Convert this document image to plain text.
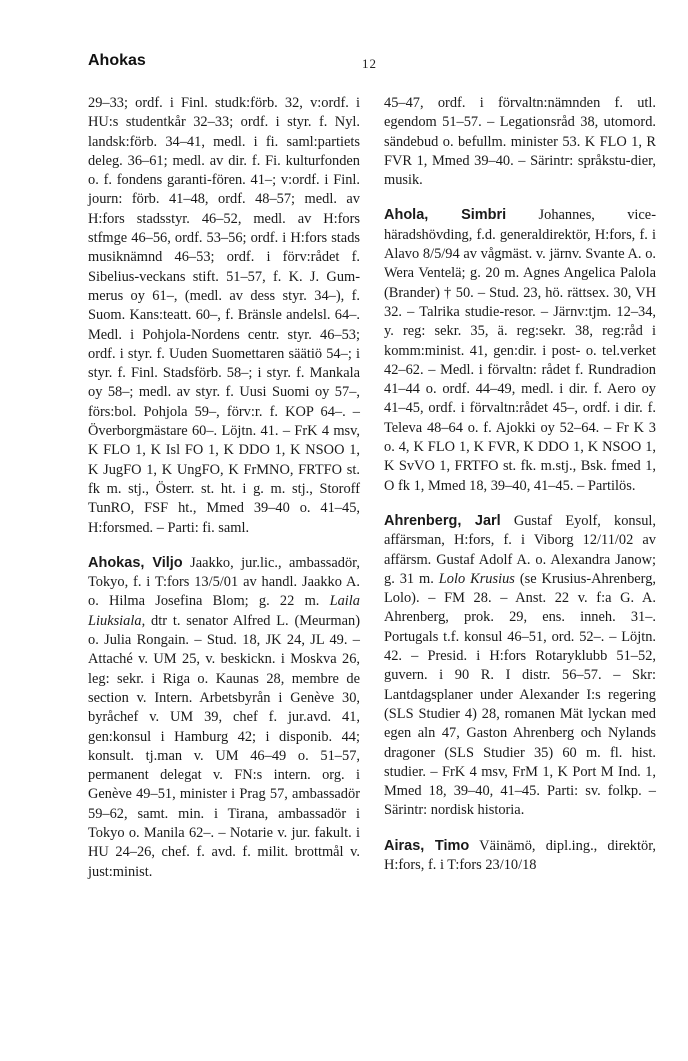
Ahokas	12

29–33; ordf. i Finl. studk:förb. 32, v:ordf. i HU:s studentkår 32–33; ordf. i styr. f. Nyl. landsk:förb. 34–41, medl. i fi. saml:partiets deleg. 36–61; medl. av dir. f. Fi. kulturfonden o. f. fondens garanti-fören. 41–; v:ordf. i Finl. journ: förb. 41–48, ordf. 48–57; medl. av H:fors stadsstyr. 46–52, medl. av H:fors stfmge 46–56, ordf. 53–56; ordf. i H:fors stads musiknämnd 46–53; ordf. i förv:rådet f. Sibelius-veckans stift. 51–57, f. K. J. Gum-merus oy 61–, (medl. av dess styr. 34–), f. Suom. Kans:teatt. 60–, f. Bränsle andelsl. 64–. Medl. i Pohjola-Nordens centr. styr. 46–53; ordf. i styr. f. Uuden Suomettaren säätiö 54–; i styr. f. Finl. Stadsförb. 58–; i styr. f. Mankala oy 58–; medl. av styr. f. Uusi Suomi oy 57–, förs:bol. Pohjola 59–, förv:r. f. KOP 64–. – Överborgmästare 60–. Löjtn. 41. – FrK 4 msv, K FLO 1, K Isl FO 1, K DDO 1, K NSOO 1, K JugFO 1, K UngFO, K FrMNO, FRTFO st. fk m. stj., Österr. st. ht. i g. m. stj., Storoff TunRO, FSF ht., Mmed 39–40 o. 41–45, H:forsmed. – Parti: fi. saml.

Ahokas, Viljo Jaakko, jur.lic., ambassadör, Tokyo, f. i T:fors 13/5/01 av handl. Jaakko A. o. Hilma Josefina Blom; g. 22 m. Laila Liuksiala, dtr t. senator Alfred L. (Meurman) o. Julia Rongain. – Stud. 18, JK 24, JL 49. – Attaché v. UM 25, v. beskickn. i Moskva 26, leg: sekr. i Riga o. Kaunas 28, membre de section v. Intern. Arbetsbyrån i Genève 30, byråchef v. UM 39, chef f. jur.avd. 41, gen:konsul i Hamburg 42; i disponib. 44; konsult. tj.man v. UM 46–49 o. 51–57, permanent delegat v. FN:s intern. org. i Genève 49–51, minister i Prag 57, ambassadör 59–62, samt. min. i Tirana, ambassadör i Tokyo o. Manila 62–. – Notarie v. jur. fakult. i HU 24–26, chef. f. avd. f. milit. brottmål v. just:minist.

45–47, ordf. i förvaltn:nämnden f. utl. egendom 51–57. – Legationsråd 38, utomord. sändebud o. befullm. minister 53. K FLO 1, R FVR 1, Mmed 39–40. – Särintr: språkstu-dier, musik.

Ahola, Simbri Johannes, vice-häradshövding, f.d. generaldirektör, H:fors, f. i Alavo 8/5/94 av vågmäst. v. järnv. Svante A. o. Wera Ventelä; g. 20 m. Agnes Angelica Palola (Brander) † 50. – Stud. 23, hö. rättsex. 30, VH 32. – Talrika studie-resor. – Järnv:tjm. 12–34, y. reg: sekr. 35, ä. reg:sekr. 38, reg:råd i komm:minist. 41, gen:dir. i post- o. tel.verket 42–62. – Medl. i förvaltn: rådet f. Rundradion 41–44 o. ordf. 44–49, medl. i dir. f. Aero oy 41–45, ordf. i förvaltn:rådet 45–, ordf. i dir. f. Televa 48–64 o. f. Ajokki oy 52–64. – Fr K 3 o. 4, K FLO 1, K FVR, K DDO 1, K NSOO 1, K SvVO 1, FRTFO st. fk. m.stj., Bsk. fmed 1, O fk 1, Mmed 18, 39–40, 41–45. – Partilös.

Ahrenberg, Jarl Gustaf Eyolf, konsul, affärsman, H:fors, f. i Viborg 12/11/02 av affärsm. Gustaf Adolf A. o. Alexandra Janow; g. 31 m. Lolo Krusius (se Krusius-Ahrenberg, Lolo). – FM 28. – Anst. 22 v. f:a G. A. Ahrenberg, prok. 29, ens. inneh. 31–. Portugals t.f. konsul 46–51, ord. 52–. – Löjtn. 42. – Presid. i H:fors Rotaryklubb 51–52, guvern. i 90 R. I distr. 56–57. – Skr: Lantdagsplaner under Alexander I:s regering (SLS Studier 4) 28, romanen Mät lyckan med egen aln 47, Gaston Ahrenberg och Nylands dragoner (SLS Studier 35) 60 m. fl. hist. studier. – FrK 4 msv, FrM 1, K Port M Ind. 1, Mmed 18, 39–40, 41–45. Parti: sv. folkp. – Särintr: nordisk historia.

Airas, Timo Väinämö, dipl.ing., direktör, H:fors, f. i T:fors 23/10/18
